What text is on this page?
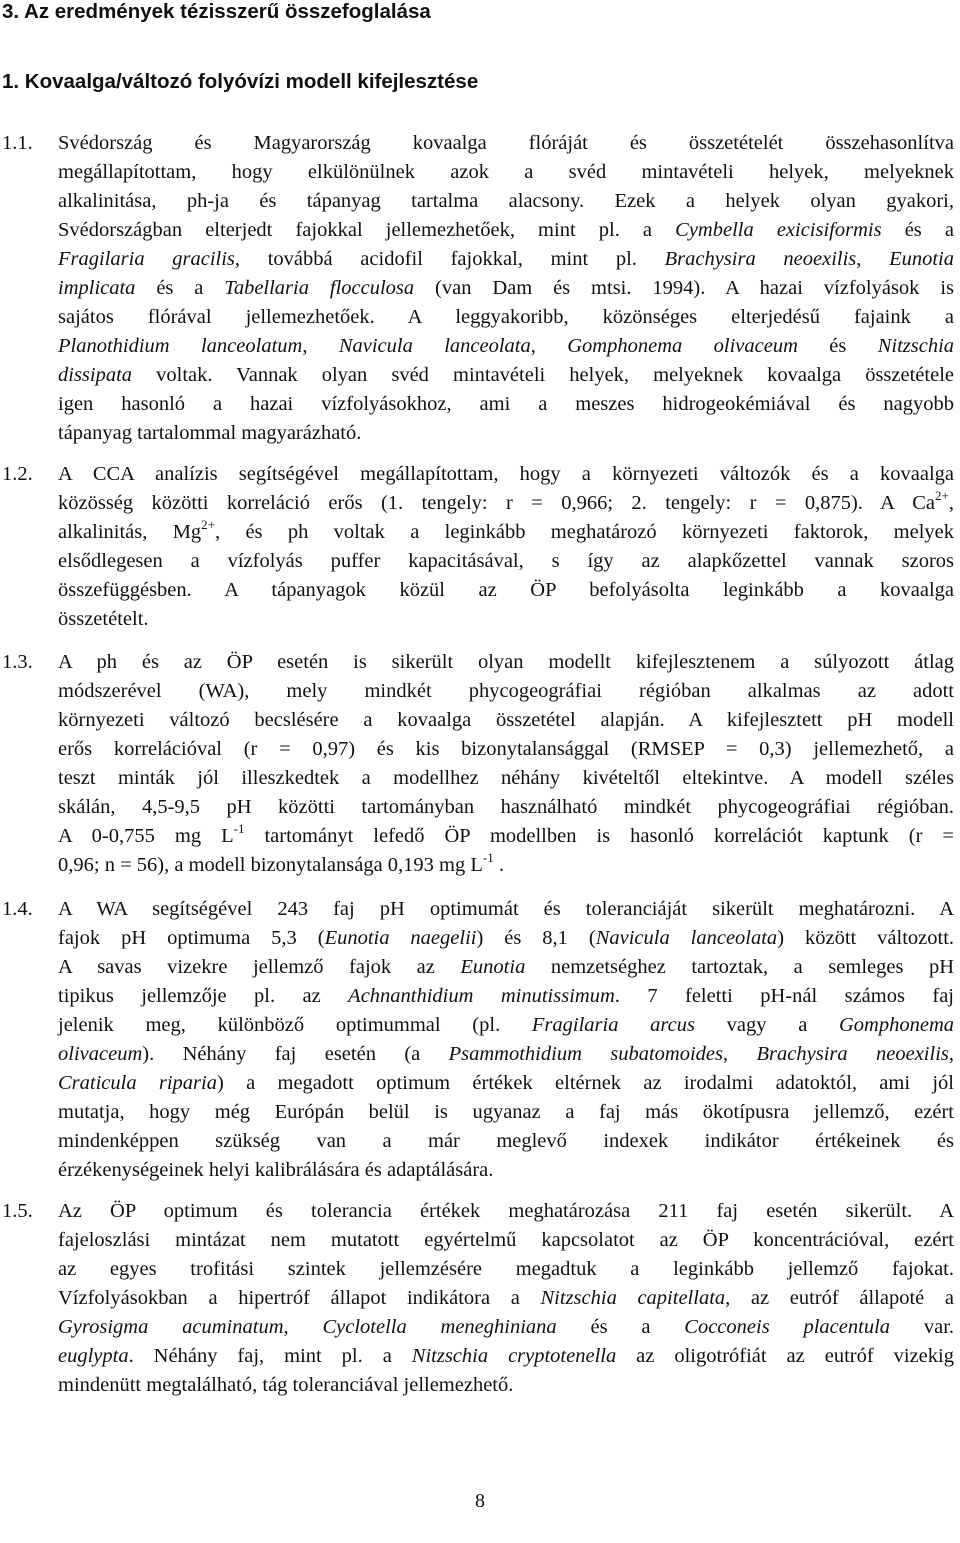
3. Az eredmények tézisszerű összefoglalása
1. Kovaalga/változó folyóvízi modell kifejlesztése
1.1. Svédország és Magyarország kovaalga flóráját és összetételét összehasonlítva
megállapítottam, hogy elkülönülnek azok a svéd mintavételi helyek, melyeknek
alkalinitása, ph-ja és tápanyag tartalma alacsony. Ezek a helyek olyan gyakori,
Svédországban elterjedt fajokkal jellemezhetőek, mint pl. a Cymbella exicisiformis és a
Fragilaria gracilis, továbbá acidofil fajokkal, mint pl. Brachysira neoexilis, Eunotia
implicata és a Tabellaria flocculosa (van Dam és mtsi. 1994). A hazai vízfolyások is
sajátos flórával jellemezhetőek. A leggyakoribb, közönséges elterjedésű fajaink a
Planothidium lanceolatum, Navicula lanceolata, Gomphonema olivaceum és Nitzschia
dissipata voltak. Vannak olyan svéd mintavételi helyek, melyeknek kovaalga összetétele
igen hasonló a hazai vízfolyásokhoz, ami a meszes hidrogeokémiával és nagyobb
tápanyag tartalommal magyarázható.
1.2. A CCA analízis segítségével megállapítottam, hogy a környezeti változók és a kovaalga
közösség közötti korreláció erős (1. tengely: r = 0,966; 2. tengely: r = 0,875). A $Ca^{2+}$,
alkalinitás, $Mg^{2+}$, és ph voltak a leginkább meghatározó környezeti faktorok, melyek
elsődlegesen a vízfolyás puffer kapacitásával, s így az alapkőzettel vannak szoros
összefüggésben. A tápanyagok közül az ÖP befolyásolta leginkább a kovaalga
összetételt.
1.3. A ph és az ÖP esetén is sikerült olyan modellt kifejlesztenem a súlyozott átlag
módszerével (WA), mely mindkét phycogeográfiai régióban alkalmas az adott
környezeti változó becslésére a kovaalga összetétel alapján. A kifejlesztett pH modell
erős korrelációval (r = 0,97) és kis bizonytalansággal (RMSEP = 0,3) jellemezhető, a
teszt minták jól illeszkedtek a modellhez néhány kivételtől eltekintve. A modell széles
skálán, 4,5-9,5 pH közötti tartományban használható mindkét phycogeográfiai régióban.
A 0-0,755 mg $L^{-1}$ tartományt lefedő ÖP modellben is hasonló korrelációt kaptunk (r =
0,96; n = 56), a modell bizonytalansága 0,193 mg $L^{-1}$ .
1.4. A WA segítségével 243 faj pH optimumát és toleranciáját sikerült meghatározni. A
fajok pH optimuma 5,3 (Eunotia naegelii) és 8,1 (Navicula lanceolata) között változott.
A savas vizekre jellemző fajok az Eunotia nemzetséghez tartoztak, a semleges pH
tipikus jellemzője pl. az Achnanthidium minutissimum. 7 feletti pH-nál számos faj
jelenik meg, különböző optimummal (pl. Fragilaria arcus vagy a Gomphonema
olivaceum). Néhány faj esetén (a Psammothidium subatomoides, Brachysira neoexilis,
Craticula riparia) a megadott optimum értékek eltérnek az irodalmi adatoktól, ami jól
mutatja, hogy még Európán belül is ugyanaz a faj más ökotípusra jellemző, ezért
mindenképpen szükség van a már meglevő indexek indikátor értékeinek és
érzékenységeinek helyi kalibrálására és adaptálására.
1.5. Az ÖP optimum és tolerancia értékek meghatározása 211 faj esetén sikerült. A
fajeloszlási mintázat nem mutatott egyértelmű kapcsolatot az ÖP koncentrációval, ezért
az egyes trofitási szintek jellemzésére megadtuk a leginkább jellemző fajokat.
Vízfolyásokban a hipertróf állapot indikátora a Nitzschia capitellata, az eutróf állapoté a
Gyrosigma acuminatum, Cyclotella meneghiniana és a Cocconeis placentula var.
euglypta. Néhány faj, mint pl. a Nitzschia cryptotenella az oligotrófiát az eutróf vizekig
mindenütt megtalálható, tág toleranciával jellemezhető.
8
